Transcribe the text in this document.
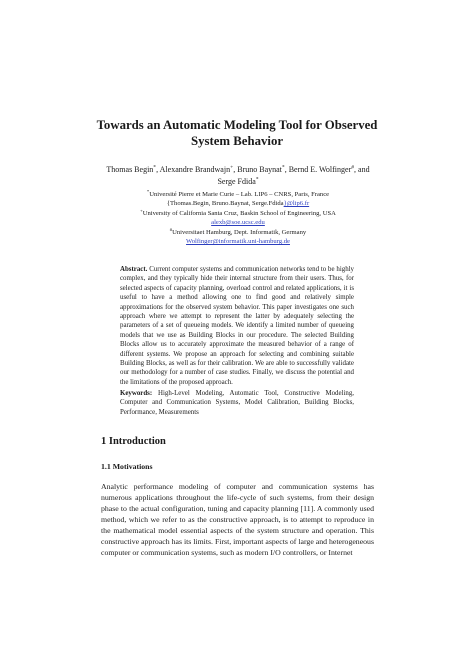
Towards an Automatic Modeling Tool for Observed System Behavior

Thomas Begin*, Alexandre Brandwajn+, Bruno Baynat*, Bernd E. Wolfinger#, and Serge Fdida*

*Université Pierre et Marie Curie – Lab. LIP6 – CNRS, Paris, France
{Thomas.Begin, Bruno.Baynat, Serge.Fdida}@lip6.fr
+University of California Santa Cruz, Baskin School of Engineering, USA
alexb@soe.ucsc.edu
#Universitaet Hamburg, Dept. Informatik, Germany
Wolfinger@informatik.uni-hamburg.de

Abstract. Current computer systems and communication networks tend to be highly complex, and they typically hide their internal structure from their users. Thus, for selected aspects of capacity planning, overload control and related applications, it is useful to have a method allowing one to find good and relatively simple approximations for the observed system behavior. This paper investigates one such approach where we attempt to represent the latter by adequately selecting the parameters of a set of queueing models. We identify a limited number of queueing models that we use as Building Blocks in our procedure. The selected Building Blocks allow us to accurately approximate the measured behavior of a range of different systems. We propose an approach for selecting and combining suitable Building Blocks, as well as for their calibration. We are able to successfully validate our methodology for a number of case studies. Finally, we discuss the potential and the limitations of the proposed approach.

Keywords: High-Level Modeling, Automatic Tool, Constructive Modeling, Computer and Communication Systems, Model Calibration, Building Blocks, Performance, Measurements

1 Introduction
1.1 Motivations

Analytic performance modeling of computer and communication systems has numerous applications throughout the life-cycle of such systems, from their design phase to the actual configuration, tuning and capacity planning [11]. A commonly used method, which we refer to as the constructive approach, is to attempt to reproduce in the mathematical model essential aspects of the system structure and operation. This constructive approach has its limits. First, important aspects of large and heterogeneous computer or communication systems, such as modern I/O controllers, or Internet
